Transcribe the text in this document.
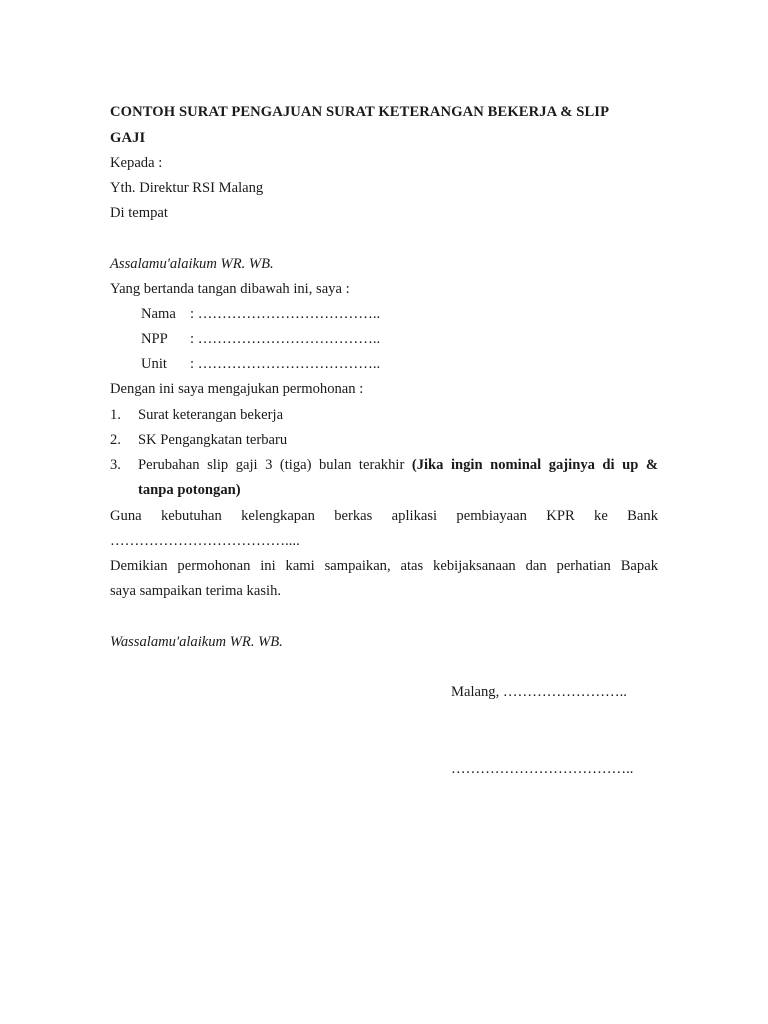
CONTOH SURAT PENGAJUAN SURAT KETERANGAN BEKERJA & SLIP
GAJI
Kepada :
Yth. Direktur RSI Malang
Di tempat
Assalamu'alaikum WR. WB.
Yang bertanda tangan dibawah ini, saya :
Nama : ………………………………..
NPP : ………………………………..
Unit : ………………………………..
Dengan ini saya mengajukan permohonan :
1. Surat keterangan bekerja
2. SK Pengangkatan terbaru
3. Perubahan slip gaji 3 (tiga) bulan terakhir (Jika ingin nominal gajinya di up &
tanpa potongan)
Guna kebutuhan kelengkapan berkas aplikasi pembiayaan KPR ke Bank
………………………………....
Demikian permohonan ini kami sampaikan, atas kebijaksanaan dan perhatian Bapak
saya sampaikan terima kasih.
Wassalamu'alaikum WR. WB.
Malang, ……………………..
………………………………..
